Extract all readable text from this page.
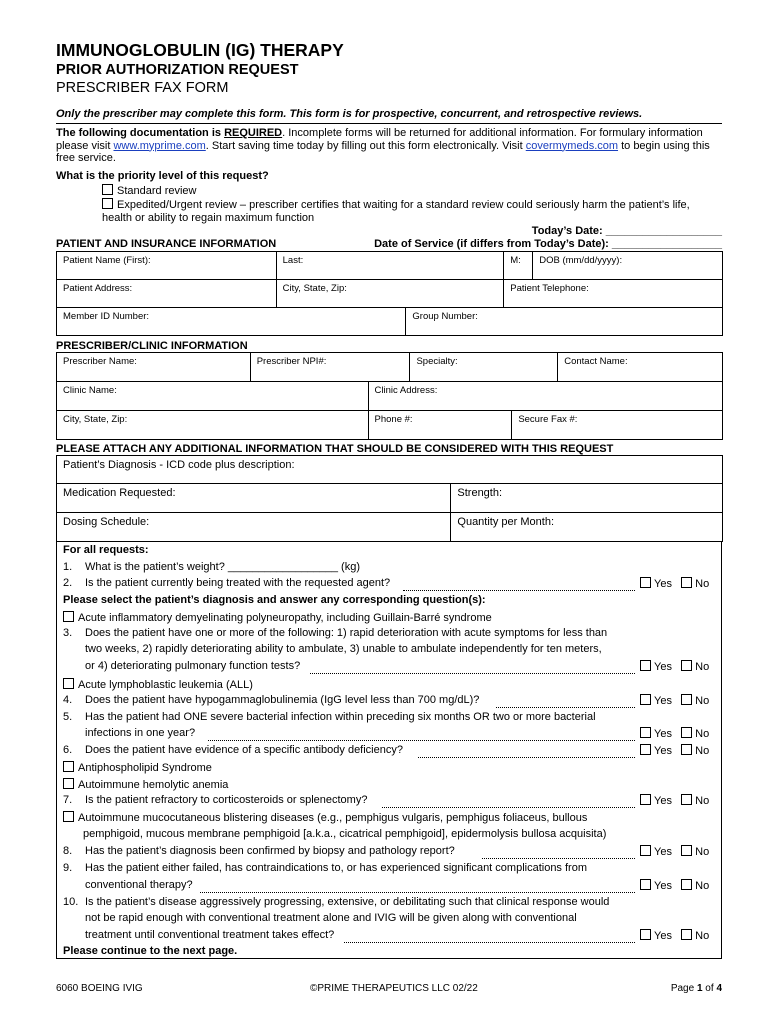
IMMUNOGLOBULIN (IG) THERAPY
PRIOR AUTHORIZATION REQUEST
PRESCRIBER FAX FORM
Only the prescriber may complete this form. This form is for prospective, concurrent, and retrospective reviews.
The following documentation is REQUIRED. Incomplete forms will be returned for additional information. For formulary information please visit www.myprime.com. Start saving time today by filling out this form electronically. Visit covermymeds.com to begin using this free service.
What is the priority level of this request?
Standard review
Expedited/Urgent review – prescriber certifies that waiting for a standard review could seriously harm the patient’s life, health or ability to regain maximum function
Today’s Date: ___________________
PATIENT AND INSURANCE INFORMATION	Date of Service (if differs from Today’s Date): __________________
Patient Name (First):	Last:		M:	DOB (mm/dd/yyyy):
Patient Address:	City, State, Zip:		Patient Telephone:	
Member ID Number:		Group Number:		
PRESCRIBER/CLINIC INFORMATION
Prescriber Name:	Prescriber NPI#:		Specialty:		Contact Name:
Clinic Name:		Clinic Address:			
City, State, Zip:		Phone #:		Secure Fax #:	
PLEASE ATTACH ANY ADDITIONAL INFORMATION THAT SHOULD BE CONSIDERED WITH THIS REQUEST
Patient’s Diagnosis - ICD code plus description:	
Medication Requested:	Strength:
Dosing Schedule:	Quantity per Month:
For all requests:
1. What is the patient’s weight? __________________ (kg)
2. Is the patient currently being treated with the requested agent?	Yes No
Please select the patient’s diagnosis and answer any corresponding question(s):
Acute inflammatory demyelinating polyneuropathy, including Guillain-Barré syndrome
3. Does the patient have one or more of the following: 1) rapid deterioration with acute symptoms for less than
two weeks, 2) rapidly deteriorating ability to ambulate, 3) unable to ambulate independently for ten meters,
or 4) deteriorating pulmonary function tests?	Yes No
Acute lymphoblastic leukemia (ALL)
4. Does the patient have hypogammaglobulinemia (IgG level less than 700 mg/dL)?	Yes No
5. Has the patient had ONE severe bacterial infection within preceding six months OR two or more bacterial
infections in one year?	Yes No
6. Does the patient have evidence of a specific antibody deficiency?	Yes No
Antiphospholipid Syndrome
Autoimmune hemolytic anemia
7. Is the patient refractory to corticosteroids or splenectomy?	Yes No
Autoimmune mucocutaneous blistering diseases (e.g., pemphigus vulgaris, pemphigus foliaceus, bullous
pemphigoid, mucous membrane pemphigoid [a.k.a., cicatrical pemphigoid], epidermolysis bullosa acquisita)
8. Has the patient’s diagnosis been confirmed by biopsy and pathology report?	Yes No
9. Has the patient either failed, has contraindications to, or has experienced significant complications from
conventional therapy?	Yes No
10. Is the patient’s disease aggressively progressing, extensive, or debilitating such that clinical response would
not be rapid enough with conventional treatment alone and IVIG will be given along with conventional
treatment until conventional treatment takes effect?	Yes No
Please continue to the next page.
6060 BOEING IVIG	©PRIME THERAPEUTICS LLC 02/22	Page 1 of 4
